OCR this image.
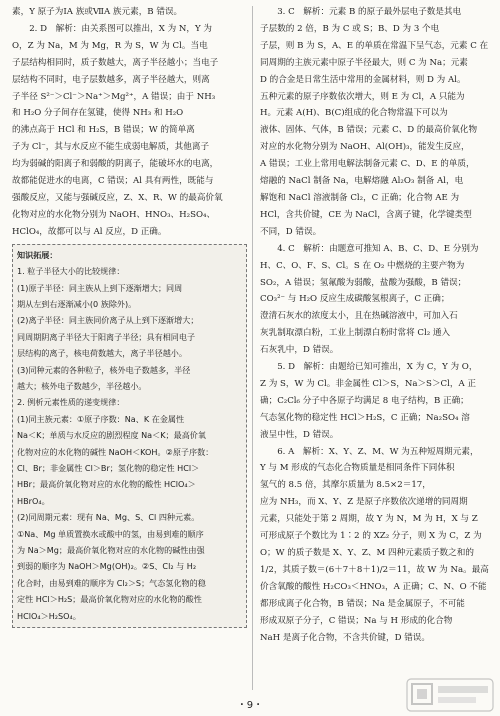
素，Y 原子为ⅠA 族或ⅦA 族元素，B 错误。

2. D　解析：由关系图可以推出，X 为 N，Y 为

O，Z 为 Na，M 为 Mg，R 为 S，W 为 Cl。当电

子层结构相同时，质子数越大，离子半径越小；当电子

层结构不同时，电子层数越多，离子半径越大，则离

子半径 S²⁻＞Cl⁻＞Na⁺＞Mg²⁺，A 错误；由于 NH₃

和 H₂O 分子间存在氢键，使得 NH₃ 和 H₂O

的沸点高于 HCl 和 H₂S，B 错误；W 的简单离

子为 Cl⁻，其与水反应不能生成弱电解质，其他离子

均为弱碱的阳离子和弱酸的阴离子，能破坏水的电离，

故都能促进水的电离，C 错误；Al 具有两性，既能与

强酸反应，又能与强碱反应，Z、X、R、W 的最高价氧

化物对应的水化物分别为 NaOH、HNO₃、H₂SO₄、

HClO₄，故都可以与 Al 反应，D 正确。

知识拓展：

1. 粒子半径大小的比较规律：

(1)原子半径：同主族从上到下逐渐增大；同周

期从左到右逐渐减小(0 族除外)。

(2)离子半径：同主族同价离子从上到下逐渐增大；

同周期阴离子半径大于阳离子半径；具有相同电子

层结构的离子，核电荷数越大，离子半径越小。

(3)同种元素的各种粒子，核外电子数越多，半径

越大；核外电子数越少，半径越小。

2. 例析元素性质的递变规律：

(1)同主族元素：①原子序数：Na、K 在金属性

Na＜K；单质与水反应的剧烈程度 Na＜K；最高价氧

化物对应的水化物的碱性 NaOH＜KOH。②原子序数：

Cl、Br；非金属性 Cl＞Br；氢化物的稳定性 HCl＞

HBr；最高价氧化物对应的水化物的酸性 HClO₄＞

HBrO₄。

(2)同周期元素：现有 Na、Mg、S、Cl 四种元素。

①Na、Mg 单质置换水或酸中的氢，由易到难的顺序

为 Na＞Mg；最高价氧化物对应的水化物的碱性由强

到弱的顺序为 NaOH＞Mg(OH)₂。②S、Cl₂ 与 H₂

化合时，由易到难的顺序为 Cl₂＞S；气态氢化物的稳

定性 HCl＞H₂S；最高价氧化物对应的水化物的酸性

HClO₄＞H₂SO₄。

3. C　解析：元素 B 的原子最外层电子数是其电

子层数的 2 倍，B 为 C 或 S；B、D 为 3 个电

子层，则 B 为 S，A、E 的单质在常温下呈气态，元素 C 在

同周期的主族元素中原子半径最大，则 C 为 Na；元素

D 的合金是日常生活中常用的金属材料，则 D 为 Al。

五种元素的原子序数依次增大，则 E 为 Cl，A 只能为

H。元素 A(H)、B(C)组成的化合物常温下可以为

液体、固体、气体，B 错误；元素 C、D 的最高价氧化物

对应的水化物分别为 NaOH、Al(OH)₃，能发生反应，

A 错误；工业上常用电解法制备元素 C、D、E 的单质，

熔融的 NaCl 制备 Na，电解熔融 Al₂O₃ 制备 Al，电

解饱和 NaCl 溶液制备 Cl₂，C 正确；化合物 AE 为

HCl，含共价键，CE 为 NaCl，含离子键，化学键类型

不同，D 错误。

4. C　解析：由题意可推知 A、B、C、D、E 分别为

H、C、O、F、S、Cl。S 在 O₂ 中燃烧的主要产物为

SO₂，A 错误；氢氟酸为弱酸，盐酸为强酸，B 错误；

CO₃²⁻ 与 H₂O 反应生成碳酸氢根离子，C 正确；

澄清石灰水的浓度太小，且在热碱溶液中，可加入石

灰乳制取漂白粉，工业上制漂白粉时常将 Cl₂ 通入

石灰乳中，D 错误。

5. D　解析：由题给已知可推出，X 为 C，Y 为 O，

Z 为 S，W 为 Cl。非金属性 Cl＞S，Na＞S＞Cl，A 正

确；C₂Cl₆ 分子中各原子均满足 8 电子结构，B 正确；

气态氢化物的稳定性 HCl＞H₂S，C 正确；Na₂SO₄ 溶

液呈中性，D 错误。

6. A　解析：X、Y、Z、M、W 为五种短周期元素，

Y 与 M 形成的气态化合物质量是相同条件下同体积

氢气的 8.5 倍，其摩尔质量为 8.5×2＝17，

应为 NH₃，而 X、Y、Z 是原子序数依次递增的同周期

元素，只能处于第 2 周期，故 Y 为 N，M 为 H，X 与 Z

可形成原子个数比为 1∶2 的 XZ₂ 分子，则 X 为 C，Z 为

O；W 的质子数是 X、Y、Z、M 四种元素质子数之和的

1/2，其质子数＝(6＋7＋8＋1)/2＝11，故 W 为 Na。最高

价含氧酸的酸性 H₂CO₃＜HNO₃，A 正确；C、N、O 不能

都形成离子化合物，B 错误；Na 是金属原子，不可能

形成双原子分子，C 错误；Na 与 H 形成的化合物

NaH 是离子化合物，不含共价键，D 错误。

・9・
